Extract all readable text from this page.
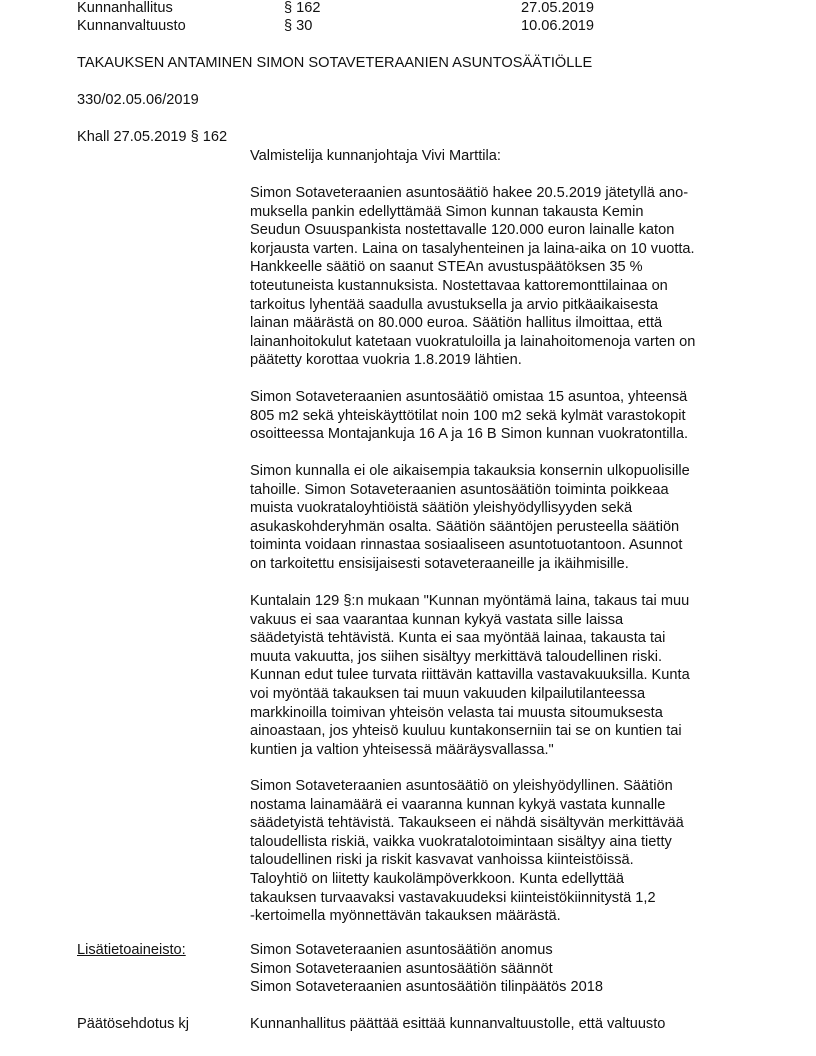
Kunnanhallitus	§ 162	27.05.2019
Kunnanvaltuusto	§ 30	10.06.2019
TAKAUKSEN ANTAMINEN SIMON SOTAVETERAANIEN ASUNTOSÄÄTIÖLLE
330/02.05.06/2019
Khall 27.05.2019 § 162
Valmistelija kunnanjohtaja Vivi Marttila:

Simon Sotaveteraanien asuntosäätiö hakee 20.5.2019 jätetyllä ano-
muksella pankin edellyttämää Simon kunnan takausta Kemin
Seudun Osuuspankista nostettavalle 120.000 euron lainalle katon
korjausta varten. Laina on tasalyhenteinen ja laina-aika on 10 vuotta.
Hankkeelle säätiö on saanut STEAn avustuspäätöksen 35 %
toteutuneista kustannuksista. Nostettavaa kattoremonttilainaa on
tarkoitus lyhentää saadulla avustuksella ja arvio pitkäaikaisesta
lainan määrästä on 80.000 euroa. Säätiön hallitus ilmoittaa, että
lainanhoitokulut katetaan vuokratuloilla ja lainahoitomenoja varten on
päätetty korottaa vuokria 1.8.2019 lähtien.

Simon Sotaveteraanien asuntosäätiö omistaa 15 asuntoa, yhteensä
805 m2 sekä yhteiskäyttötilat noin 100 m2 sekä kylmät varastokopit
osoitteessa Montajankuja 16 A ja 16 B Simon kunnan vuokratontilla.

Simon kunnalla ei ole aikaisempia takauksia konsernin ulkopuolisille
tahoille. Simon Sotaveteraanien asuntosäätiön toiminta poikkeaa
muista vuokrataloyhtiöistä säätiön yleishyödyllisyyden sekä
asukaskohderyhmän osalta. Säätiön sääntöjen perusteella säätiön
toiminta voidaan rinnastaa sosiaaliseen asuntotuotantoon. Asunnot
on tarkoitettu ensisijaisesti sotaveteraaneille ja ikäihmisille.

Kuntalain 129 §:n mukaan "Kunnan myöntämä laina, takaus tai muu
vakuus ei saa vaarantaa kunnan kykyä vastata sille laissa
säädetyistä tehtävistä. Kunta ei saa myöntää lainaa, takausta tai
muuta vakuutta, jos siihen sisältyy merkittävä taloudellinen riski.
Kunnan edut tulee turvata riittävän kattavilla vastavakuuksilla. Kunta
voi myöntää takauksen tai muun vakuuden kilpailutilanteessa
markkinoilla toimivan yhteisön velasta tai muusta sitoumuksesta
ainoastaan, jos yhteisö kuuluu kuntakonserniin tai se on kuntien tai
kuntien ja valtion yhteisessä määräysvallassa."

Simon Sotaveteraanien asuntosäätiö on yleishyödyllinen. Säätiön
nostama lainamäärä ei vaaranna kunnan kykyä vastata kunnalle
säädetyistä tehtävistä. Takaukseen ei nähdä sisältyvän merkittävää
taloudellista riskiä, vaikka vuokratalotoimintaan sisältyy aina tietty
taloudellinen riski ja riskit kasvavat vanhoissa kiinteistöissä.
Taloyhtiö on liitetty kaukolämpöverkkoon. Kunta edellyttää
takauksen turvaavaksi vastavakuudeksi kiinteistökiinnitystä 1,2
-kertoimella myönnettävän takauksen määrästä.

Lisätietoaineisto:	Simon Sotaveteraanien asuntosäätiön anomus
Simon Sotaveteraanien asuntosäätiön säännöt
Simon Sotaveteraanien asuntosäätiön tilinpäätös 2018

Päätösehdotus kj	Kunnanhallitus päättää esittää kunnanvaltuustolle, että valtuusto
